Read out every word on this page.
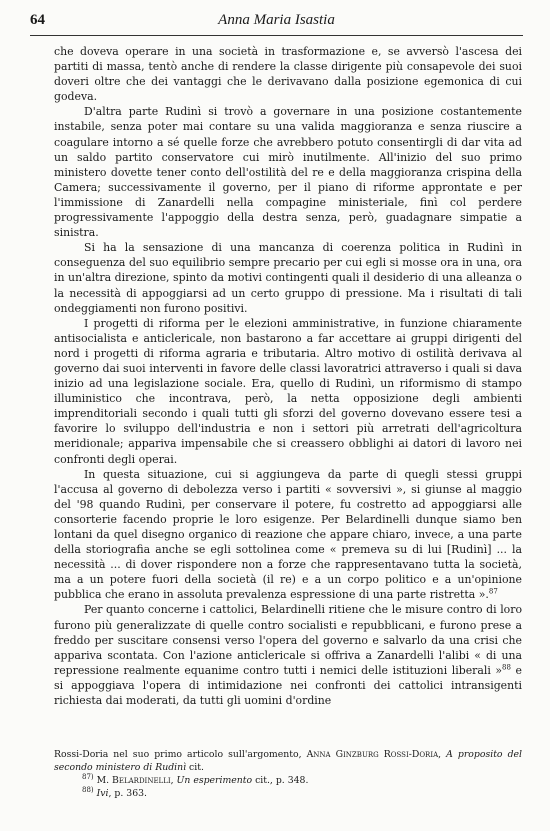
64	Anna Maria Isastia

che doveva operare in una società in trasformazione e, se avversò l'ascesa dei partiti di massa, tentò anche di rendere la classe dirigente più consapevole dei suoi doveri oltre che dei vantaggi che le derivavano dalla posizione egemonica di cui godeva.

D'altra parte Rudinì si trovò a governare in una posizione costantemente instabile, senza poter mai contare su una valida maggioranza e senza riuscire a coagulare intorno a sé quelle forze che avrebbero potuto consentirgli di dar vita ad un saldo partito conservatore cui mirò inutilmente. All'inizio del suo primo ministero dovette tener conto dell'ostilità del re e della maggioranza crispina della Camera; successivamente il governo, per il piano di riforme approntate e per l'immissione di Zanardelli nella compagine ministeriale, finì col perdere progressivamente l'appoggio della destra senza, però, guadagnare simpatie a sinistra.

Si ha la sensazione di una mancanza di coerenza politica in Rudinì in conseguenza del suo equilibrio sempre precario per cui egli si mosse ora in una, ora in un'altra direzione, spinto da motivi contingenti quali il desiderio di una alleanza o la necessità di appoggiarsi ad un certo gruppo di pressione. Ma i risultati di tali ondeggiamenti non furono positivi.

I progetti di riforma per le elezioni amministrative, in funzione chiaramente antisocialista e anticlericale, non bastarono a far accettare ai gruppi dirigenti del nord i progetti di riforma agraria e tributaria. Altro motivo di ostilità derivava al governo dai suoi interventi in favore delle classi lavoratrici attraverso i quali si dava inizio ad una legislazione sociale. Era, quello di Rudinì, un riformismo di stampo illuministico che incontrava, però, la netta opposizione degli ambienti imprenditoriali secondo i quali tutti gli sforzi del governo dovevano essere tesi a favorire lo sviluppo dell'industria e non i settori più arretrati dell'agricoltura meridionale; appariva impensabile che si creassero obblighi ai datori di lavoro nei confronti degli operai.

In questa situazione, cui si aggiungeva da parte di quegli stessi gruppi l'accusa al governo di debolezza verso i partiti « sovversivi », si giunse al maggio del '98 quando Rudinì, per conservare il potere, fu costretto ad appoggiarsi alle consorterie facendo proprie le loro esigenze. Per Belardinelli dunque siamo ben lontani da quel disegno organico di reazione che appare chiaro, invece, a una parte della storiografia anche se egli sottolinea come « premeva su di lui [Rudinì] ... la necessità ... di dover rispondere non a forze che rappresentavano tutta la società, ma a un potere fuori della società (il re) e a un corpo politico e a un'opinione pubblica che erano in assoluta prevalenza espressione di una parte ristretta ».$^{87}$

Per quanto concerne i cattolici, Belardinelli ritiene che le misure contro di loro furono più generalizzate di quelle contro socialisti e repubblicani, e furono prese a freddo per suscitare consensi verso l'opera del governo e salvarlo da una crisi che appariva scontata. Con l'azione anticlericale si offriva a Zanardelli l'alibi « di una repressione realmente equanime contro tutti i nemici delle istituzioni liberali »$^{88}$ e si appoggiava l'opera di intimidazione nei confronti dei cattolici intransigenti richiesta dai moderati, da tutti gli uomini d'ordine

Rossi-Doria nel suo primo articolo sull'argomento, Anna Ginzburg Rossi-Doria, A proposito del secondo ministero di Rudinì cit.

$^{87)}$ M. Belardinelli, Un esperimento cit., p. 348.

$^{88)}$ Ivi, p. 363.
